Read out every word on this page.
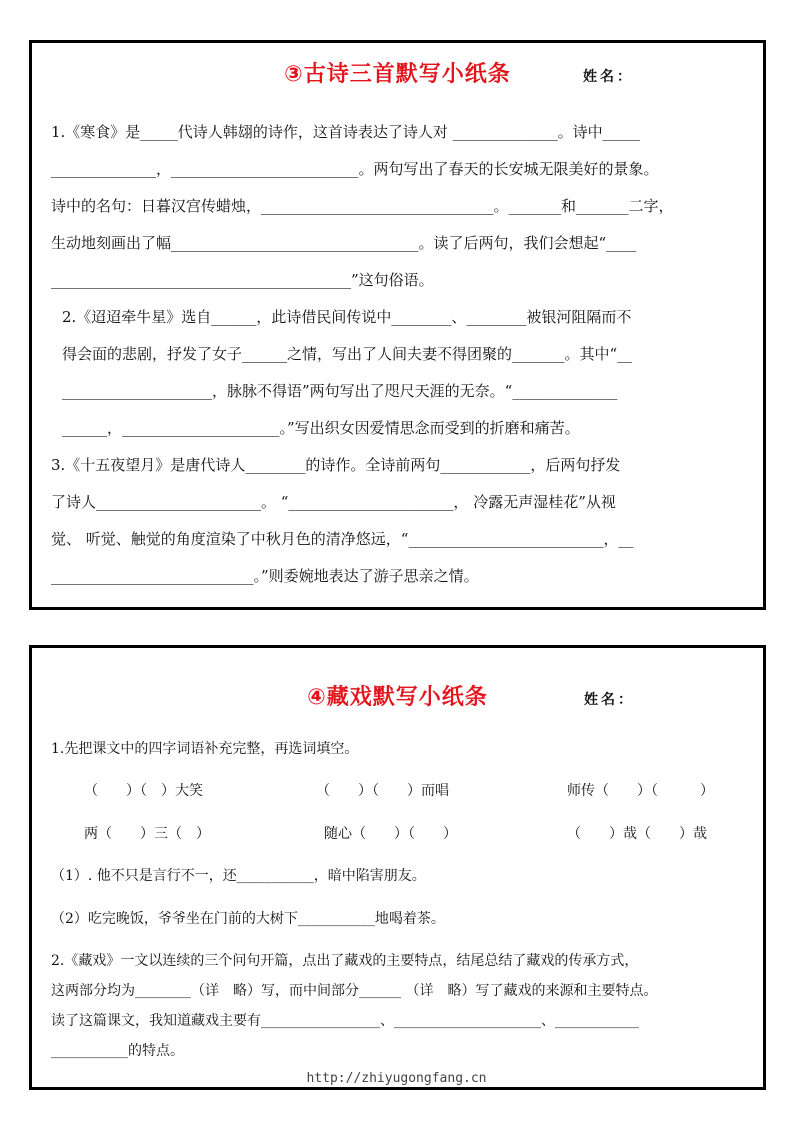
③古诗三首默写小纸条	姓名：
1.《寒食》是_____代诗人韩翃的诗作，这首诗表达了诗人对 ______________。诗中_____
______________，_________________________。两句写出了春天的长安城无限美好的景象。
诗中的名句：日暮汉宫传蜡烛，_______________________________。_______和_______二字，
生动地刻画出了幅_________________________________。读了后两句，我们会想起“____
________________________________________”这句俗语。
2.《迢迢牵牛星》选自______，此诗借民间传说中________、________被银河阻隔而不
得会面的悲剧，抒发了女子______之情，写出了人间夫妻不得团聚的_______。其中“__
____________________，脉脉不得语”两句写出了咫尺天涯的无奈。“______________
______，_____________________。”写出织女因爱情思念而受到的折磨和痛苦。
3.《十五夜望月》是唐代诗人________的诗作。全诗前两句____________，后两句抒发
了诗人______________________。 “______________________， 冷露无声湿桂花”从视
觉、 听觉、触觉的角度渲染了中秋月色的清净悠远，“__________________________，__
___________________________。”则委婉地表达了游子思亲之情。
④藏戏默写小纸条	姓名：
1.先把课文中的四字词语补充完整，再选词填空。
（　　）（　）大笑	（　　）（　　）而唱	师传（　　）（　　　）
两（　　）三（　）	随心（　　）（　　）	（　　）哉（　　）哉
（1）. 他不只是言行不一，还___________，暗中陷害朋友。
（2）吃完晚饭，爷爷坐在门前的大树下___________地喝着茶。
2.《藏戏》一文以连续的三个问句开篇，点出了藏戏的主要特点，结尾总结了藏戏的传承方式，
这两部分均为________（详　略）写，而中间部分______ （详　略）写了藏戏的来源和主要特点。
读了这篇课文，我知道藏戏主要有_________________、_____________________、____________
___________的特点。
http://zhiyugongfang.cn
